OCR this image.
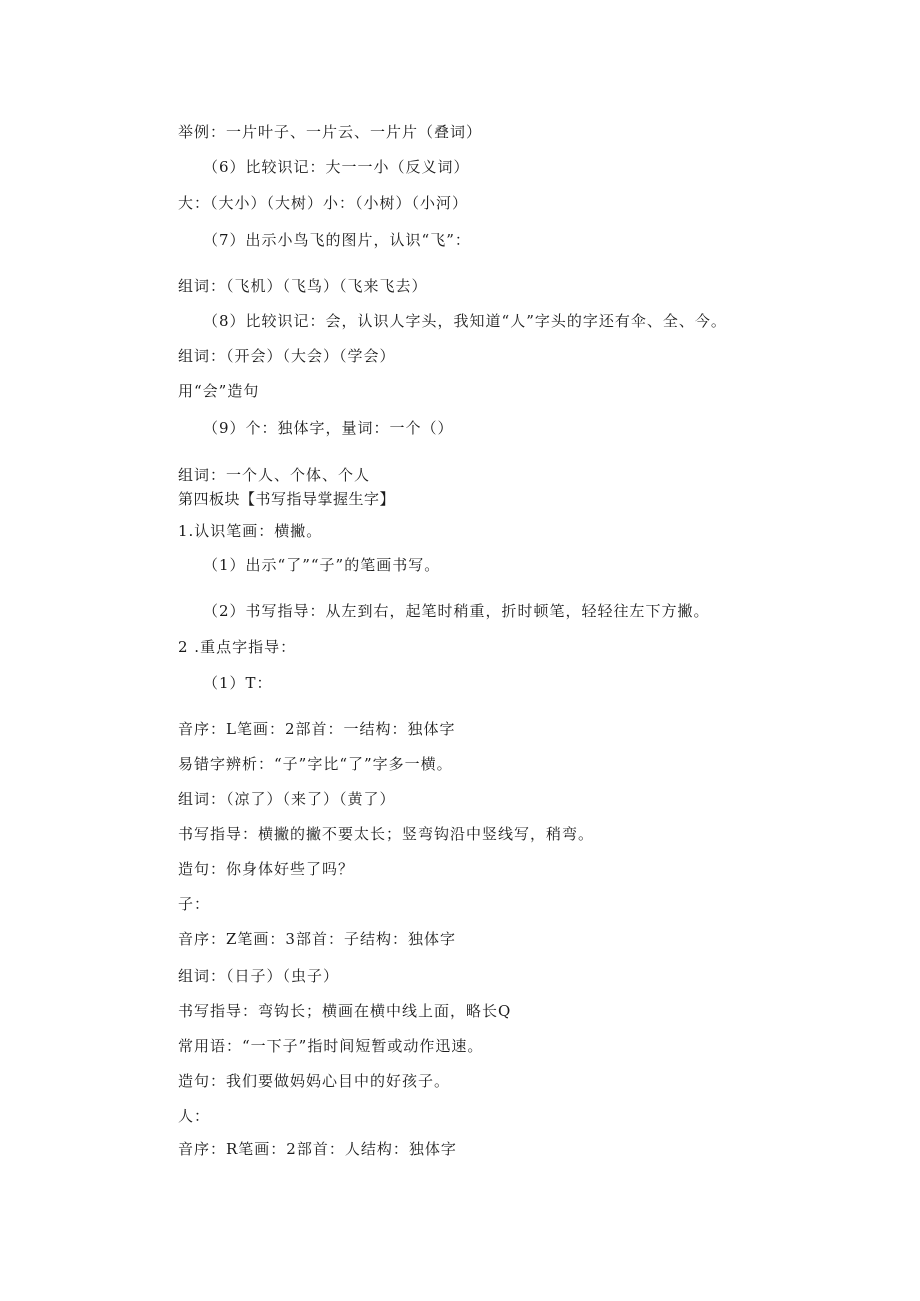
举例：一片叶子、一片云、一片片（叠词）
（6）比较识记：大一一小（反义词）
大：（大小）（大树）小：（小树）（小河）
（7）出示小鸟飞的图片，认识“飞”：
组词：（飞机）（飞鸟）（飞来飞去）
（8）比较识记：会，认识人字头，我知道“人”字头的字还有伞、全、今。
组词：（开会）（大会）（学会）
用“会”造句
（9）个：独体字，量词：一个（）
组词：一个人、个体、个人
第四板块【书写指导掌握生字】
1.认识笔画：横撇。
（1）出示“了”“子”的笔画书写。
（2）书写指导：从左到右，起笔时稍重，折时顿笔，轻轻往左下方撇。
2 .重点字指导：
（1）T：
音序：L笔画：2部首：一结构：独体字
易错字辨析：“子”字比“了”字多一横。
组词：（凉了）（来了）（黄了）
书写指导：横撇的撇不要太长；竖弯钩沿中竖线写，稍弯。
造句：你身体好些了吗？
子：
音序：Z笔画：3部首：子结构：独体字
组词：（日子）（虫子）
书写指导：弯钩长；横画在横中线上面，略长Q
常用语：“一下子”指时间短暂或动作迅速。
造句：我们要做妈妈心目中的好孩子。
人：
音序：R笔画：2部首：人结构：独体字
